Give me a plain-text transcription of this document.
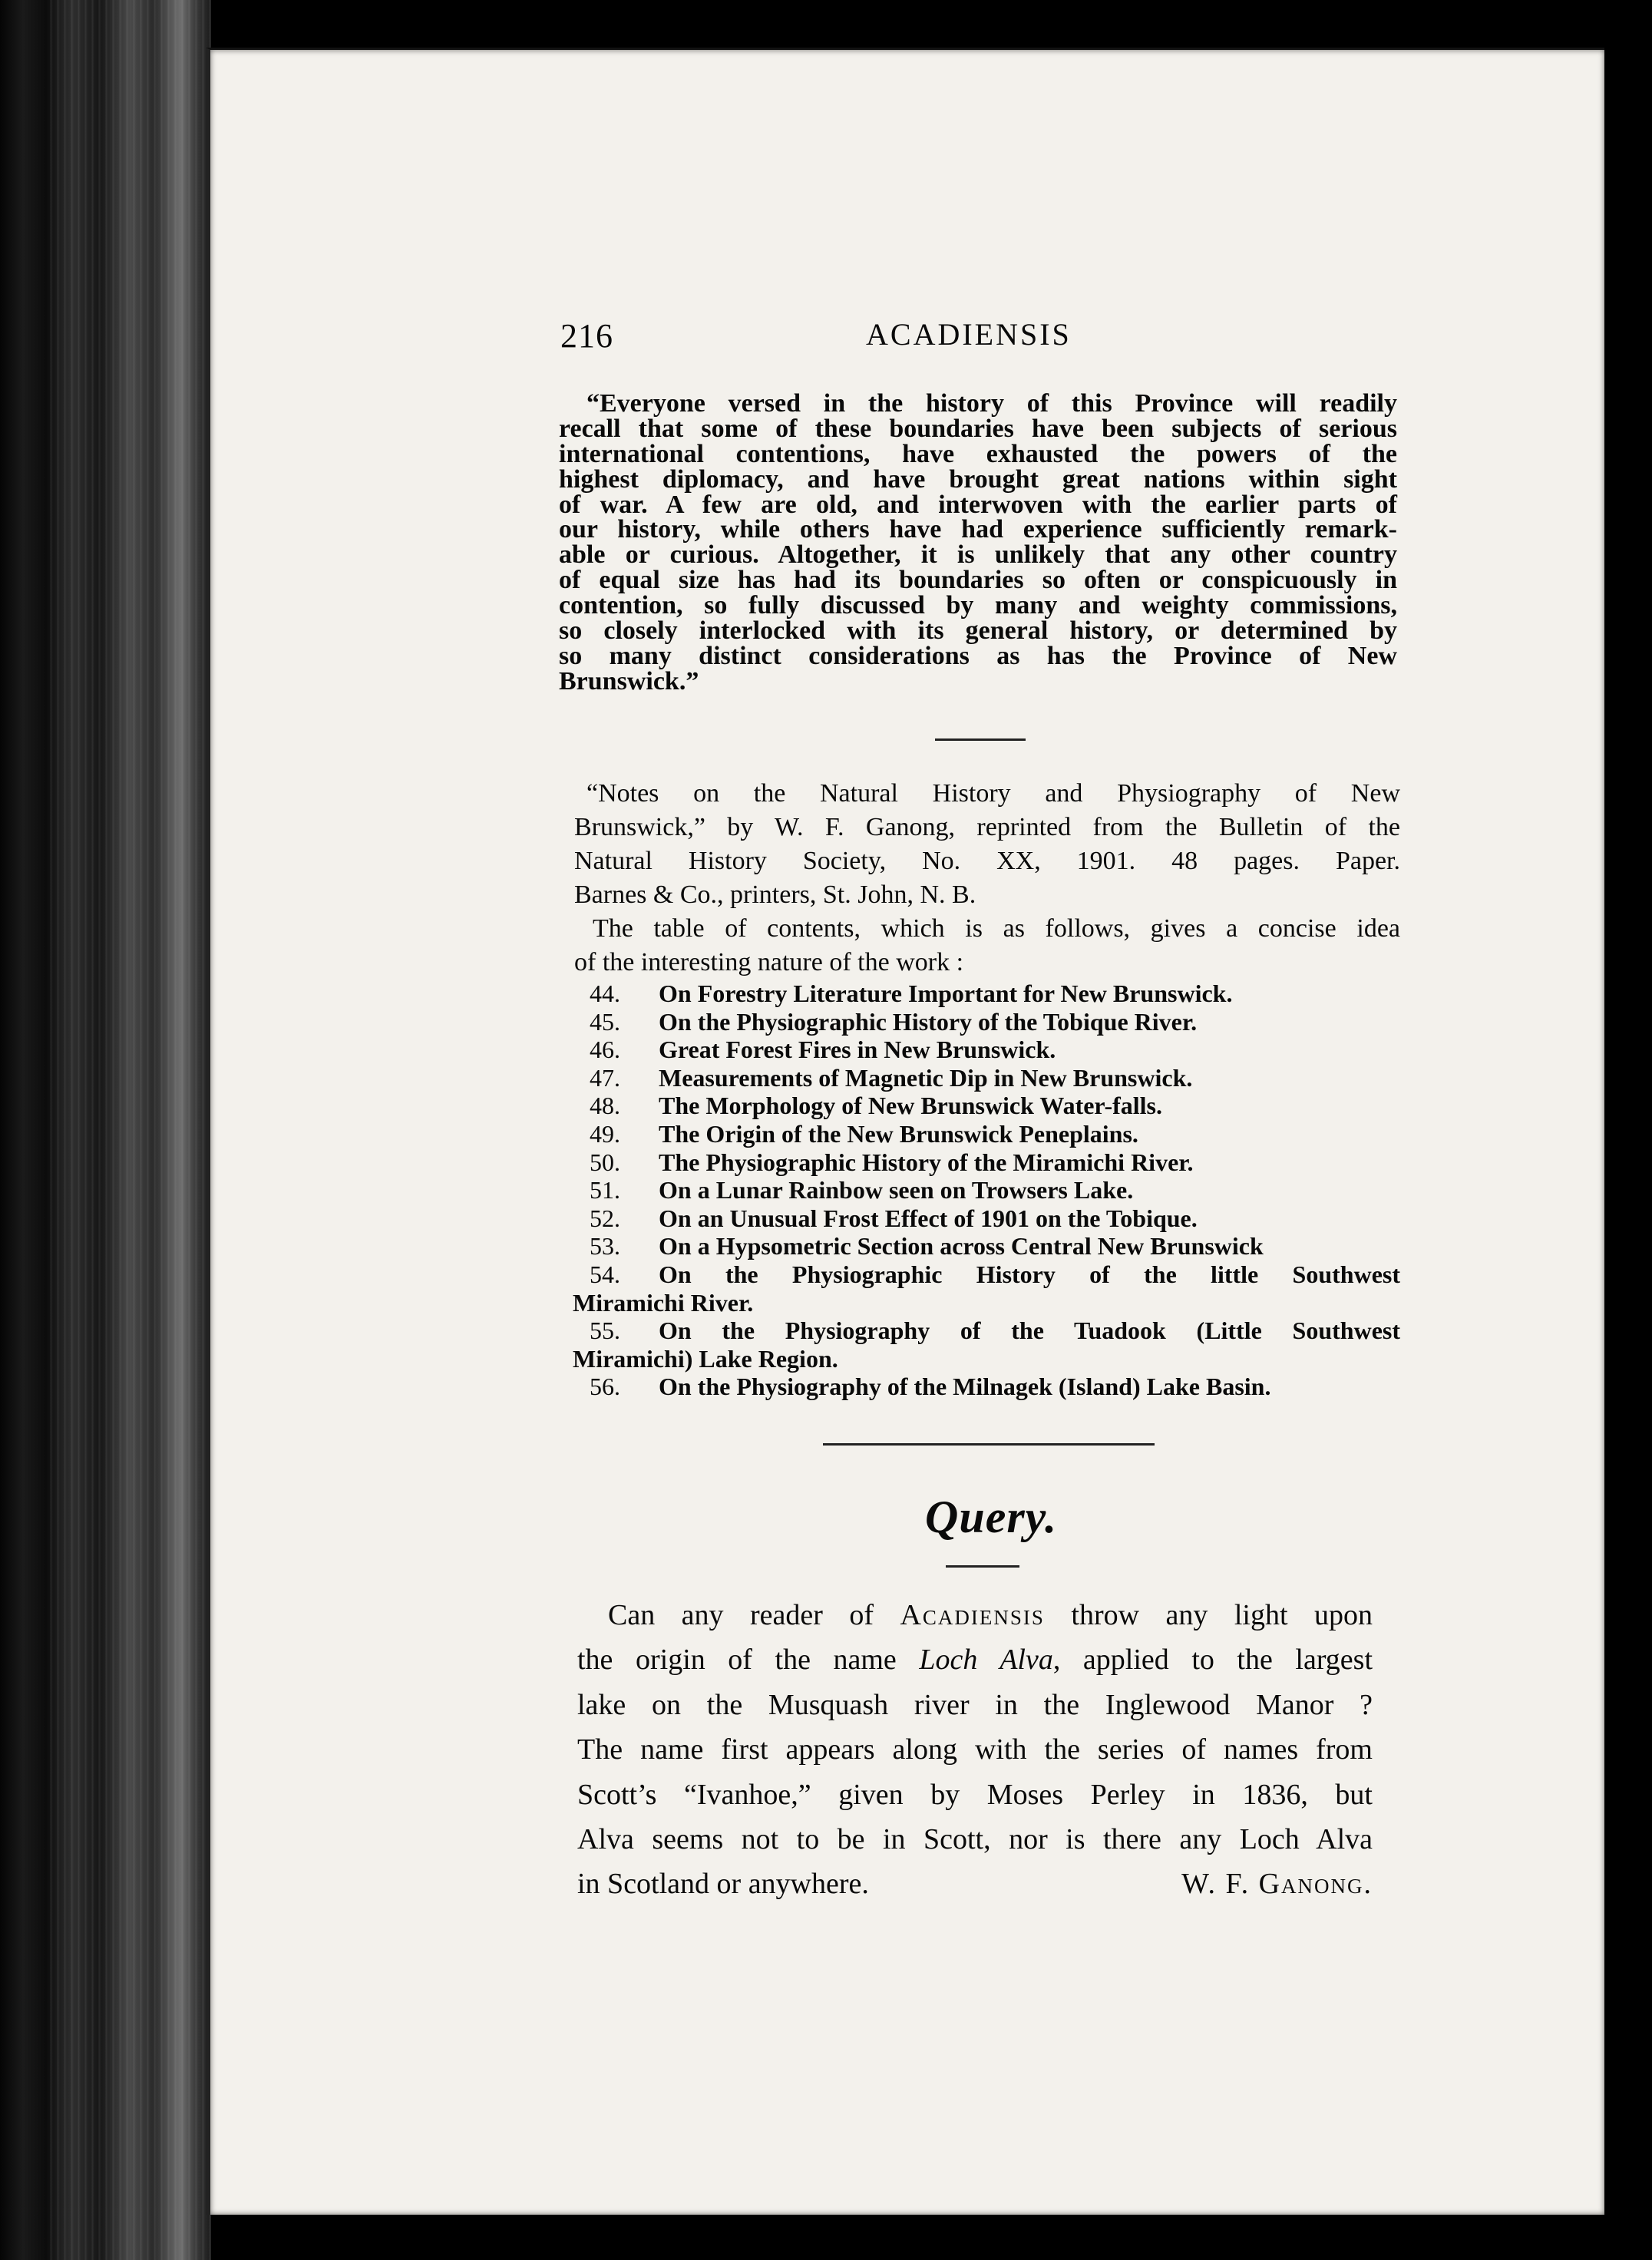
216	ACADIENSIS

“Everyone versed in the history of this Province will readily
recall that some of these boundaries have been subjects of serious
international contentions, have exhausted the powers of the
highest diplomacy, and have brought great nations within sight
of war. A few are old, and interwoven with the earlier parts of
our history, while others have had experience sufficiently remark-
able or curious. Altogether, it is unlikely that any other country
of equal size has had its boundaries so often or conspicuously in
contention, so fully discussed by many and weighty commissions,
so closely interlocked with its general history, or determined by
so many distinct considerations as has the Province of New
Brunswick.”
“Notes on the Natural History and Physiography of New
Brunswick,” by W. F. Ganong, reprinted from the Bulletin of the
Natural History Society, No. XX, 1901. 48 pages. Paper.
Barnes & Co., printers, St. John, N. B.
The table of contents, which is as follows, gives a concise idea
of the interesting nature of the work :
44.	On Forestry Literature Important for New Brunswick.
45.	On the Physiographic History of the Tobique River.
46.	Great Forest Fires in New Brunswick.
47.	Measurements of Magnetic Dip in New Brunswick.
48.	The Morphology of New Brunswick Water-falls.
49.	The Origin of the New Brunswick Peneplains.
50.	The Physiographic History of the Miramichi River.
51.	On a Lunar Rainbow seen on Trowsers Lake.
52.	On an Unusual Frost Effect of 1901 on the Tobique.
53.	On a Hypsometric Section across Central New Brunswick
54.	On the Physiographic History of the little Southwest
Miramichi River.
55.	On the Physiography of the Tuadook (Little Southwest
Miramichi) Lake Region.
56.	On the Physiography of the Milnagek (Island) Lake Basin.

Query.

Can any reader of Acadiensis throw any light upon
the origin of the name Loch Alva, applied to the largest
lake on the Musquash river in the Inglewood Manor ?
The name first appears along with the series of names from
Scott’s “Ivanhoe,” given by Moses Perley in 1836, but
Alva seems not to be in Scott, nor is there any Loch Alva
in Scotland or anywhere.	W. F. Ganong.
